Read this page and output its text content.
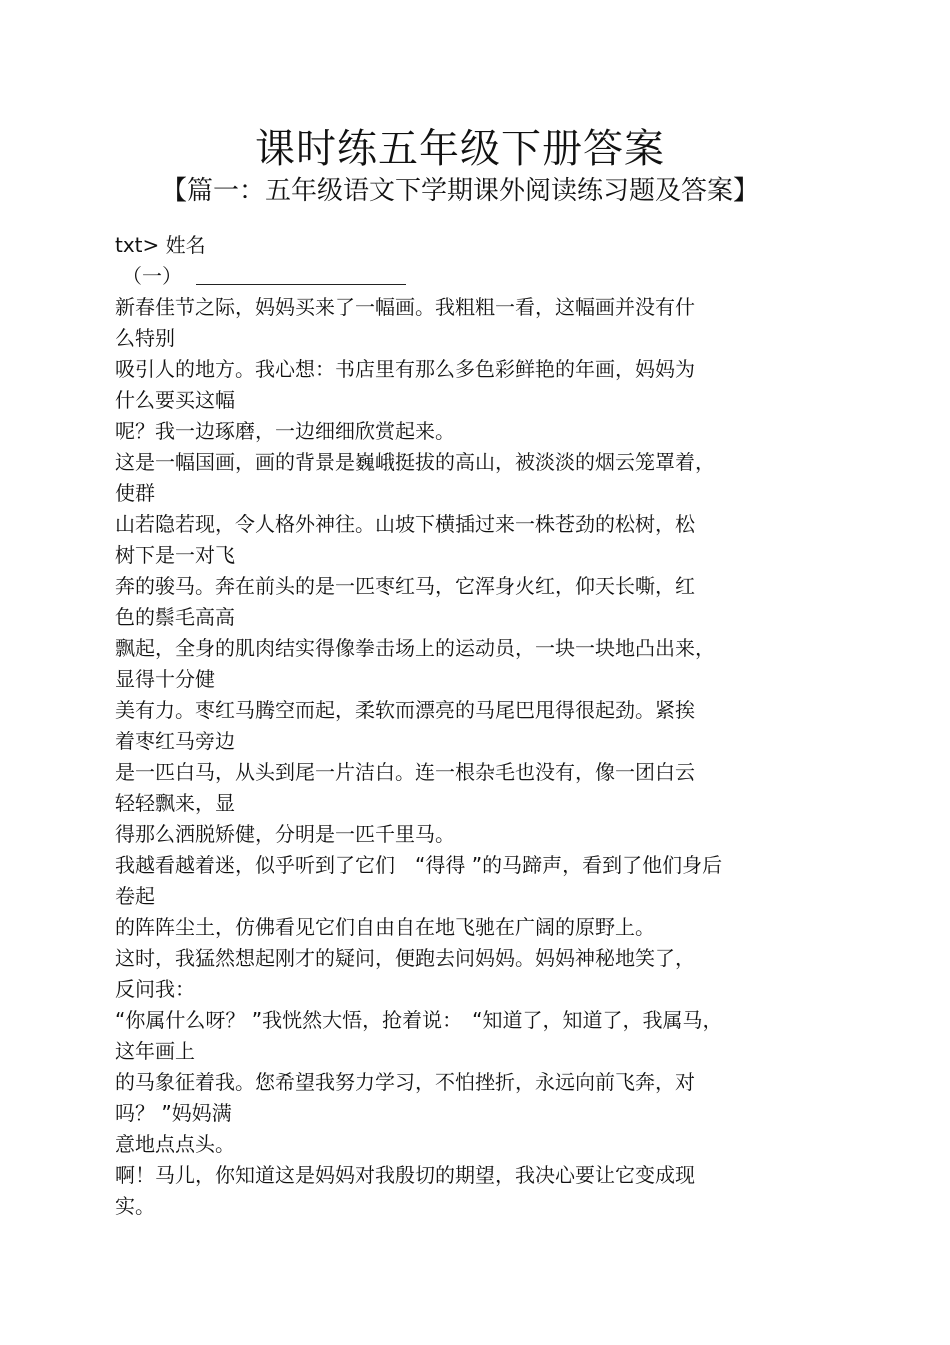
课时练五年级下册答案
【篇一：五年级语文下学期课外阅读练习题及答案】
txt> 姓名
（一）
新春佳节之际，妈妈买来了一幅画。我粗粗一看，这幅画并没有什
么特别
吸引人的地方。我心想：书店里有那么多色彩鲜艳的年画，妈妈为
什么要买这幅
呢？我一边琢磨，一边细细欣赏起来。
这是一幅国画，画的背景是巍峨挺拔的高山，被淡淡的烟云笼罩着，
使群
山若隐若现，令人格外神往。山坡下横插过来一株苍劲的松树，松
树下是一对飞
奔的骏马。奔在前头的是一匹枣红马，它浑身火红，仰天长嘶，红
色的鬃毛高高
飘起，全身的肌肉结实得像拳击场上的运动员，一块一块地凸出来，
显得十分健
美有力。枣红马腾空而起，柔软而漂亮的马尾巴甩得很起劲。紧挨
着枣红马旁边
是一匹白马，从头到尾一片洁白。连一根杂毛也没有，像一团白云
轻轻飘来，显
得那么洒脱矫健，分明是一匹千里马。
我越看越着迷，似乎听到了它们　“得得 ”的马蹄声，看到了他们身后
卷起
的阵阵尘土，仿佛看见它们自由自在地飞驰在广阔的原野上。
这时，我猛然想起刚才的疑问，便跑去问妈妈。妈妈神秘地笑了，
反问我：
“你属什么呀？ ”我恍然大悟，抢着说：　“知道了，知道了，我属马，
这年画上
的马象征着我。您希望我努力学习，不怕挫折，永远向前飞奔，对
吗？ ”妈妈满
意地点点头。
啊！马儿，你知道这是妈妈对我殷切的期望，我决心要让它变成现
实。
